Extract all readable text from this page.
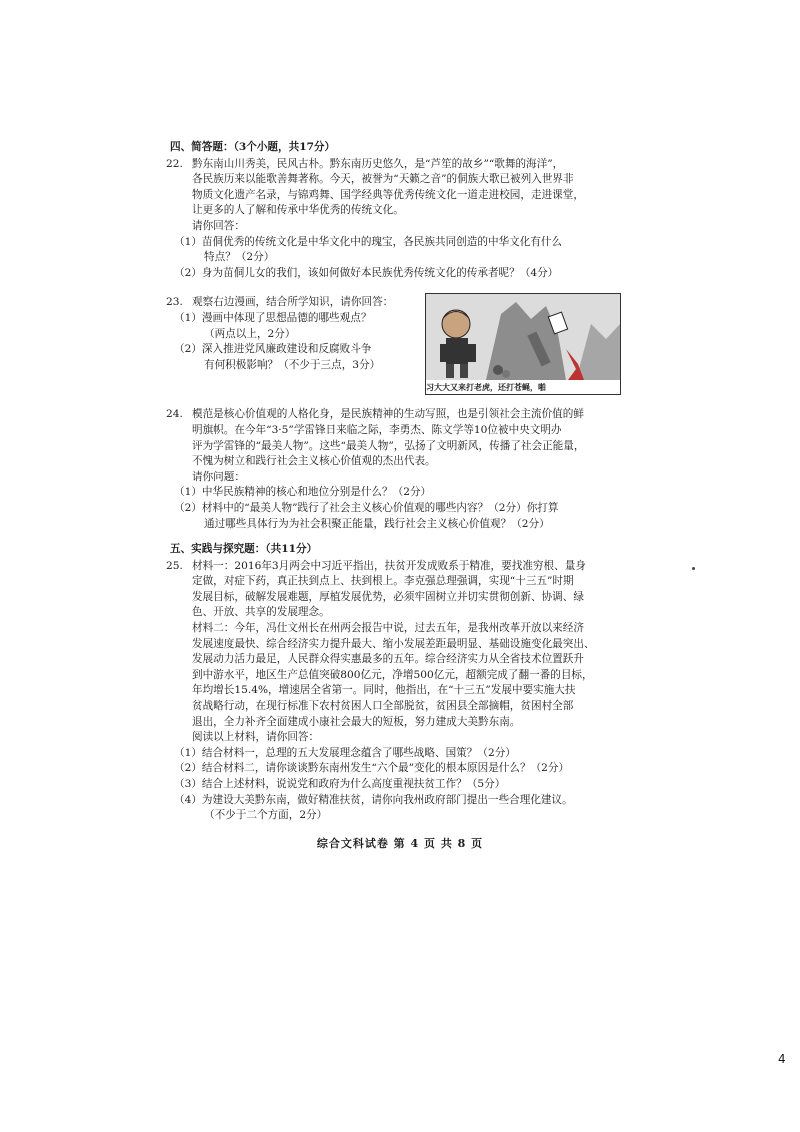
四、简答题：（3个小题，共17分）
22. 黔东南山川秀美，民风古朴。黔东南历史悠久，是“芦笙的故乡”“歌舞的海洋”，
各民族历来以能歌善舞著称。今天，被誉为“天籁之音”的侗族大歌已被列入世界非
物质文化遗产名录，与锦鸡舞、国学经典等优秀传统文化一道走进校园，走进课堂，
让更多的人了解和传承中华优秀的传统文化。
请你回答：
（1）苗侗优秀的传统文化是中华文化中的瑰宝，各民族共同创造的中华文化有什么
特点？（2分）
（2）身为苗侗儿女的我们，该如何做好本民族优秀传统文化的传承者呢？（4分）
23. 观察右边漫画，结合所学知识，请你回答：
（1）漫画中体现了思想品德的哪些观点？
（两点以上，2分）
（2）深入推进党风廉政建设和反腐败斗争
有何积极影响？（不少于三点，3分）
习大大又来打老虎，还打苍蝇，啪
24. 模范是核心价值观的人格化身，是民族精神的生动写照，也是引领社会主流价值的鲜
明旗帜。在今年“3·5”学雷锋日来临之际，李勇杰、陈文学等10位被中央文明办
评为学雷锋的“最美人物”。这些“最美人物”，弘扬了文明新风，传播了社会正能量，
不愧为树立和践行社会主义核心价值观的杰出代表。
请你问题：
（1）中华民族精神的核心和地位分别是什么？（2分）
（2）材料中的“最美人物”践行了社会主义核心价值观的哪些内容？（2分）你打算
通过哪些具体行为为社会积聚正能量，践行社会主义核心价值观？（2分）
五、实践与探究题：（共11分）
25. 材料一：2016年3月两会中习近平指出，扶贫开发成败系于精准，要找准穷根、量身
定做，对症下药，真正扶到点上、扶到根上。李克强总理强调，实现“十三五”时期
发展目标，破解发展难题，厚植发展优势，必须牢固树立并切实贯彻创新、协调、绿
色、开放、共享的发展理念。
材料二：今年，冯仕文州长在州两会报告中说，过去五年，是我州改革开放以来经济
发展速度最快、综合经济实力提升最大、缩小发展差距最明显、基础设施变化最突出、
发展动力活力最足，人民群众得实惠最多的五年。综合经济实力从全省技术位置跃升
到中游水平，地区生产总值突破800亿元，净增500亿元，超额完成了翻一番的目标，
年均增长15.4%，增速居全省第一。同时，他指出，在“十三五”发展中要实施大扶
贫战略行动，在现行标准下农村贫困人口全部脱贫，贫困县全部摘帽，贫困村全部
退出，全力补齐全面建成小康社会最大的短板，努力建成大美黔东南。
阅读以上材料，请你回答：
（1）结合材料一，总理的五大发展理念蕴含了哪些战略、国策？（2分）
（2）结合材料二，请你谈谈黔东南州发生“六个最”变化的根本原因是什么？（2分）
（3）结合上述材料，说说党和政府为什么高度重视扶贫工作？（5分）
（4）为建设大美黔东南，做好精准扶贫，请你向我州政府部门提出一些合理化建议。
（不少于二个方面，2分）
综合文科试卷 第 4 页 共 8 页
4
